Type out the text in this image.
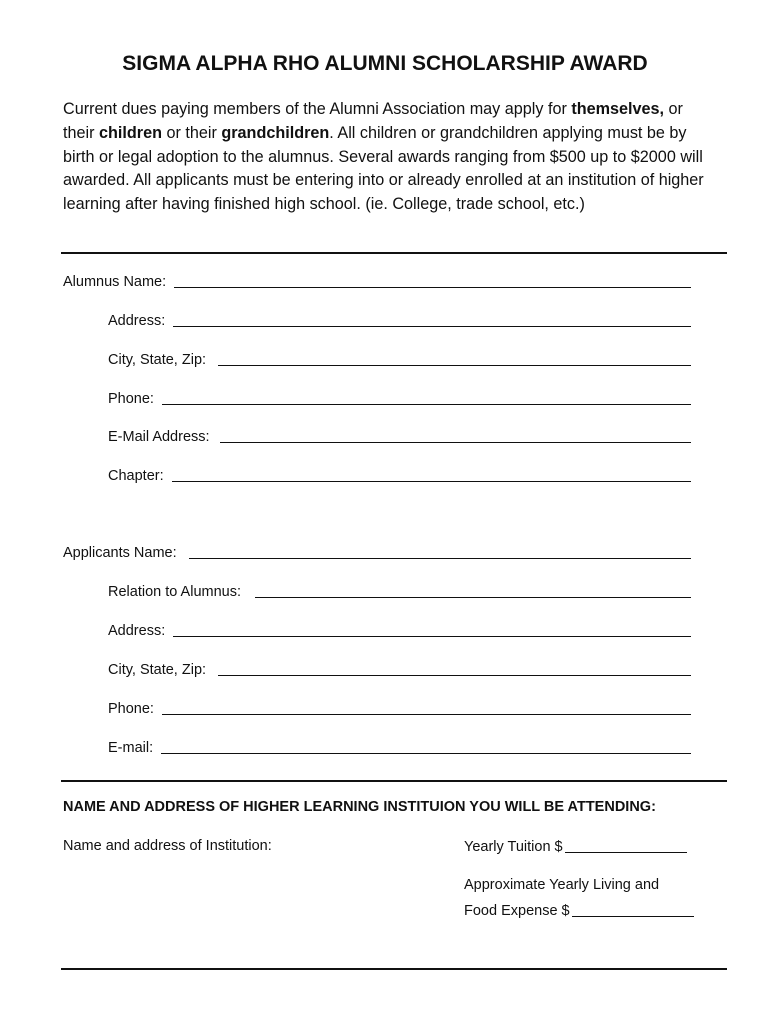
SIGMA ALPHA RHO ALUMNI SCHOLARSHIP AWARD
Current dues paying members of the Alumni Association may apply for themselves, or their children or their grandchildren. All children or grandchildren applying must be by birth or legal adoption to the alumnus. Several awards ranging from $500 up to $2000 will awarded. All applicants must be entering into or already enrolled at an institution of higher learning after having finished high school. (ie. College, trade school, etc.)
Alumnus Name:
Address:
City, State, Zip:
Phone:
E-Mail Address:
Chapter:
Applicants Name:
Relation to Alumnus:
Address:
City, State, Zip:
Phone:
E-mail:
NAME AND ADDRESS OF HIGHER LEARNING INSTITUION YOU WILL BE ATTENDING:
Name and address of Institution:	Yearly Tuition $
Approximate Yearly Living and
Food Expense $
